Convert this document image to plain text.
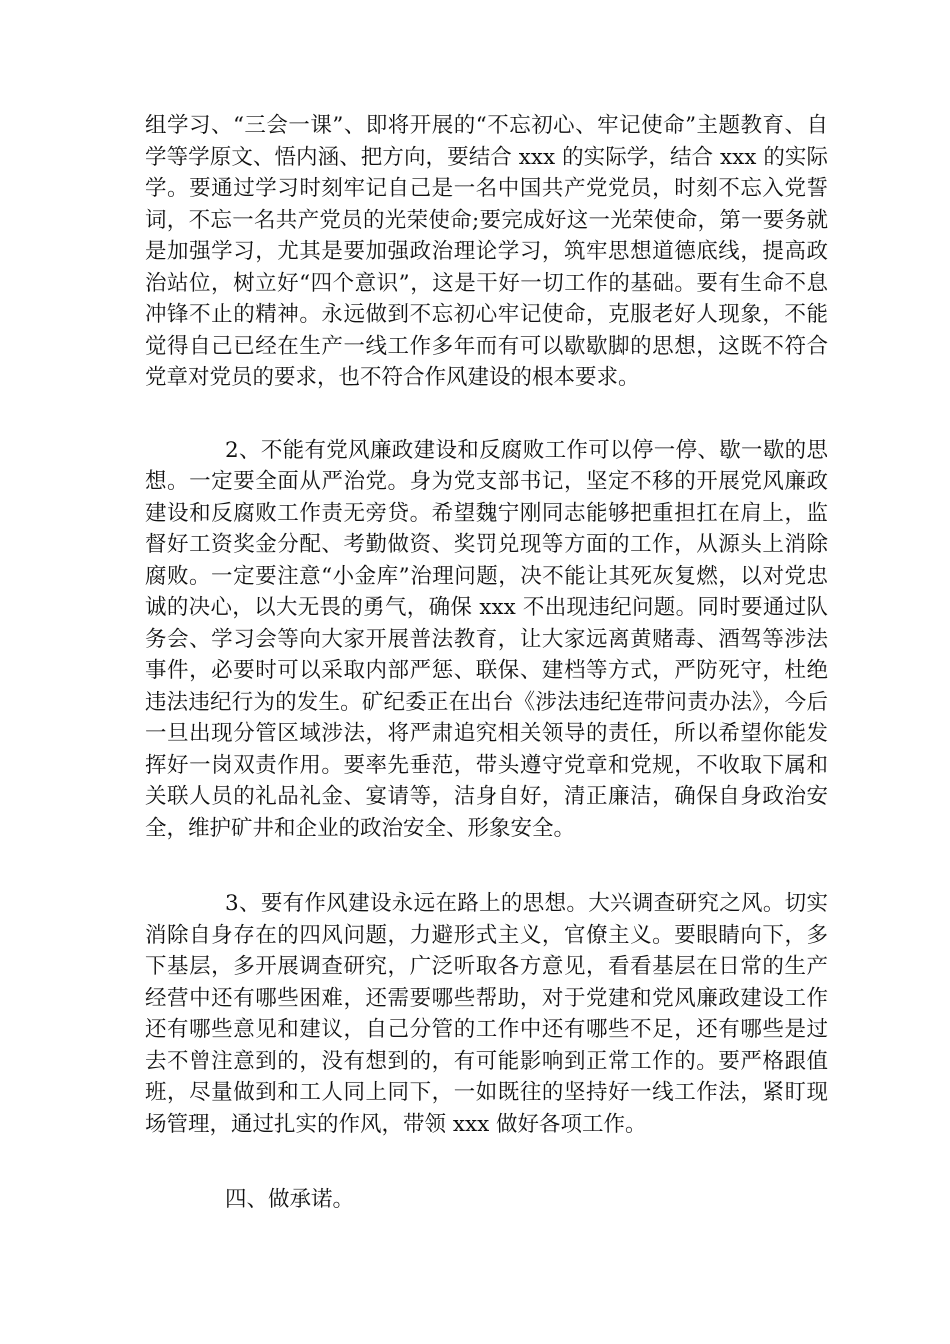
组学习、“三会一课”、即将开展的“不忘初心、牢记使命”主题教育、自学等学原文、悟内涵、把方向，要结合 xxx 的实际学，结合 xxx 的实际学。要通过学习时刻牢记自己是一名中国共产党党员，时刻不忘入党誓词，不忘一名共产党员的光荣使命;要完成好这一光荣使命，第一要务就是加强学习，尤其是要加强政治理论学习，筑牢思想道德底线，提高政治站位，树立好“四个意识”，这是干好一切工作的基础。要有生命不息冲锋不止的精神。永远做到不忘初心牢记使命，克服老好人现象，不能觉得自己已经在生产一线工作多年而有可以歇歇脚的思想，这既不符合党章对党员的要求，也不符合作风建设的根本要求。

2、不能有党风廉政建设和反腐败工作可以停一停、歇一歇的思想。一定要全面从严治党。身为党支部书记，坚定不移的开展党风廉政建设和反腐败工作责无旁贷。希望魏宁刚同志能够把重担扛在肩上，监督好工资奖金分配、考勤做资、奖罚兑现等方面的工作，从源头上消除腐败。一定要注意“小金库”治理问题，决不能让其死灰复燃，以对党忠诚的决心，以大无畏的勇气，确保 xxx 不出现违纪问题。同时要通过队务会、学习会等向大家开展普法教育，让大家远离黄赌毒、酒驾等涉法事件，必要时可以采取内部严惩、联保、建档等方式，严防死守，杜绝违法违纪行为的发生。矿纪委正在出台《涉法违纪连带问责办法》，今后一旦出现分管区域涉法，将严肃追究相关领导的责任，所以希望你能发挥好一岗双责作用。要率先垂范，带头遵守党章和党规，不收取下属和关联人员的礼品礼金、宴请等，洁身自好，清正廉洁，确保自身政治安全，维护矿井和企业的政治安全、形象安全。

3、要有作风建设永远在路上的思想。大兴调查研究之风。切实消除自身存在的四风问题，力避形式主义，官僚主义。要眼睛向下，多下基层，多开展调查研究，广泛听取各方意见，看看基层在日常的生产经营中还有哪些困难，还需要哪些帮助，对于党建和党风廉政建设工作还有哪些意见和建议，自己分管的工作中还有哪些不足，还有哪些是过去不曾注意到的，没有想到的，有可能影响到正常工作的。要严格跟值班，尽量做到和工人同上同下，一如既往的坚持好一线工作法，紧盯现场管理，通过扎实的作风，带领 xxx 做好各项工作。

四、做承诺。
